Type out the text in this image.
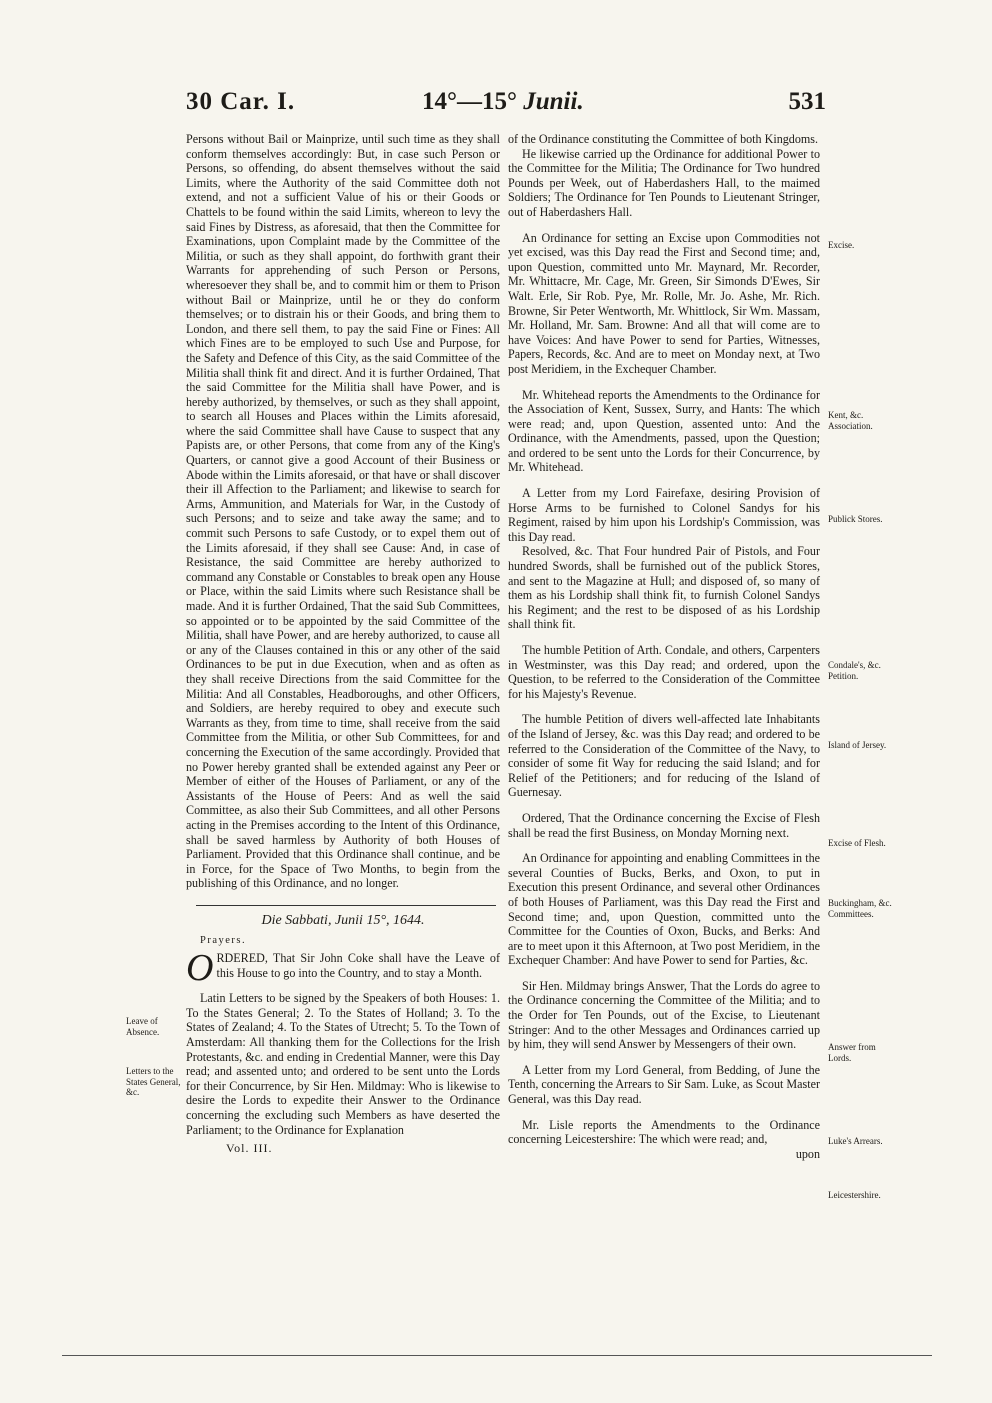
30 Car. I.	14°—15° Junii.	531

Persons without Bail or Mainprize, until such time as they shall conform themselves accordingly: But, in case such Person or Persons, so offending, do absent themselves without the said Limits, where the Authority of the said Committee doth not extend, and not a sufficient Value of his or their Goods or Chattels to be found within the said Limits, whereon to levy the said Fines by Distress, as aforesaid, that then the Committee for Examinations, upon Complaint made by the Committee of the Militia, or such as they shall appoint, do forthwith grant their Warrants for apprehending of such Person or Persons, wheresoever they shall be, and to commit him or them to Prison without Bail or Mainprize, until he or they do conform themselves; or to distrain his or their Goods, and bring them to London, and there sell them, to pay the said Fine or Fines: All which Fines are to be employed to such Use and Purpose, for the Safety and Defence of this City, as the said Committee of the Militia shall think fit and direct. And it is further Ordained, That the said Committee for the Militia shall have Power, and is hereby authorized, by themselves, or such as they shall appoint, to search all Houses and Places within the Limits aforesaid, where the said Committee shall have Cause to suspect that any Papists are, or other Persons, that come from any of the King's Quarters, or cannot give a good Account of their Business or Abode within the Limits aforesaid, or that have or shall discover their ill Affection to the Parliament; and likewise to search for Arms, Ammunition, and Materials for War, in the Custody of such Persons; and to seize and take away the same; and to commit such Persons to safe Custody, or to expel them out of the Limits aforesaid, if they shall see Cause: And, in case of Resistance, the said Committee are hereby authorized to command any Constable or Constables to break open any House or Place, within the said Limits where such Resistance shall be made. And it is further Ordained, That the said Sub Committees, so appointed or to be appointed by the said Committee of the Militia, shall have Power, and are hereby authorized, to cause all or any of the Clauses contained in this or any other of the said Ordinances to be put in due Execution, when and as often as they shall receive Directions from the said Committee for the Militia: And all Constables, Headboroughs, and other Officers, and Soldiers, are hereby required to obey and execute such Warrants as they, from time to time, shall receive from the said Committee from the Militia, or other Sub Committees, for and concerning the Execution of the same accordingly. Provided that no Power hereby granted shall be extended against any Peer or Member of either of the Houses of Parliament, or any of the Assistants of the House of Peers: And as well the said Committee, as also their Sub Committees, and all other Persons acting in the Premises according to the Intent of this Ordinance, shall be saved harmless by Authority of both Houses of Parliament. Provided that this Ordinance shall continue, and be in Force, for the Space of Two Months, to begin from the publishing of this Ordinance, and no longer.

Die Sabbati, Junii 15°, 1644.
Prayers.

ORDERED, That Sir John Coke shall have the Leave of this House to go into the Country, and to stay a Month.

Latin Letters to be signed by the Speakers of both Houses: 1. To the States General; 2. To the States of Holland; 3. To the States of Zealand; 4. To the States of Utrecht; 5. To the Town of Amsterdam: All thanking them for the Collections for the Irish Protestants, &c. and ending in Credential Manner, were this Day read; and assented unto; and ordered to be sent unto the Lords for their Concurrence, by Sir Hen. Mildmay: Who is likewise to desire the Lords to expedite their Answer to the Ordinance concerning the excluding such Members as have deserted the Parliament; to the Ordinance for Explanation

Vol. III.

of the Ordinance constituting the Committee of both Kingdoms.

He likewise carried up the Ordinance for additional Power to the Committee for the Militia; The Ordinance for Two hundred Pounds per Week, out of Haberdashers Hall, to the maimed Soldiers; The Ordinance for Ten Pounds to Lieutenant Stringer, out of Haberdashers Hall.

An Ordinance for setting an Excise upon Commodities not yet excised, was this Day read the First and Second time; and, upon Question, committed unto Mr. Maynard, Mr. Recorder, Mr. Whittacre, Mr. Cage, Mr. Green, Sir Simonds D'Ewes, Sir Walt. Erle, Sir Rob. Pye, Mr. Rolle, Mr. Jo. Ashe, Mr. Rich. Browne, Sir Peter Wentworth, Mr. Whittlock, Sir Wm. Massam, Mr. Holland, Mr. Sam. Browne: And all that will come are to have Voices: And have Power to send for Parties, Witnesses, Papers, Records, &c. And are to meet on Monday next, at Two post Meridiem, in the Exchequer Chamber.

Mr. Whitehead reports the Amendments to the Ordinance for the Association of Kent, Sussex, Surry, and Hants: The which were read; and, upon Question, assented unto: And the Ordinance, with the Amendments, passed, upon the Question; and ordered to be sent unto the Lords for their Concurrence, by Mr. Whitehead.

A Letter from my Lord Fairefaxe, desiring Provision of Horse Arms to be furnished to Colonel Sandys for his Regiment, raised by him upon his Lordship's Commission, was this Day read.

Resolved, &c. That Four hundred Pair of Pistols, and Four hundred Swords, shall be furnished out of the publick Stores, and sent to the Magazine at Hull; and disposed of, so many of them as his Lordship shall think fit, to furnish Colonel Sandys his Regiment; and the rest to be disposed of as his Lordship shall think fit.

The humble Petition of Arth. Condale, and others, Carpenters in Westminster, was this Day read; and ordered, upon the Question, to be referred to the Consideration of the Committee for his Majesty's Revenue.

The humble Petition of divers well-affected late Inhabitants of the Island of Jersey, &c. was this Day read; and ordered to be referred to the Consideration of the Committee of the Navy, to consider of some fit Way for reducing the said Island; and for Relief of the Petitioners; and for reducing of the Island of Guernesay.

Ordered, That the Ordinance concerning the Excise of Flesh shall be read the first Business, on Monday Morning next.

An Ordinance for appointing and enabling Committees in the several Counties of Bucks, Berks, and Oxon, to put in Execution this present Ordinance, and several other Ordinances of both Houses of Parliament, was this Day read the First and Second time; and, upon Question, committed unto the Committee for the Counties of Oxon, Bucks, and Berks: And are to meet upon it this Afternoon, at Two post Meridiem, in the Exchequer Chamber: And have Power to send for Parties, &c.

Sir Hen. Mildmay brings Answer, That the Lords do agree to the Ordinance concerning the Committee of the Militia; and to the Order for Ten Pounds, out of the Excise, to Lieutenant Stringer: And to the other Messages and Ordinances carried up by him, they will send Answer by Messengers of their own.

A Letter from my Lord General, from Bedding, of June the Tenth, concerning the Arrears to Sir Sam. Luke, as Scout Master General, was this Day read.

Mr. Lisle reports the Amendments to the Ordinance concerning Leicestershire: The which were read; and,

upon
Leave of Absence.
Letters to the States General, &c.
Excise.
Kent, &c. Association.
Publick Stores.
Condale's, &c. Petition.
Island of Jersey.
Excise of Flesh.
Buckingham, &c. Committees.
Answer from Lords.
Luke's Arrears.
Leicestershire.
